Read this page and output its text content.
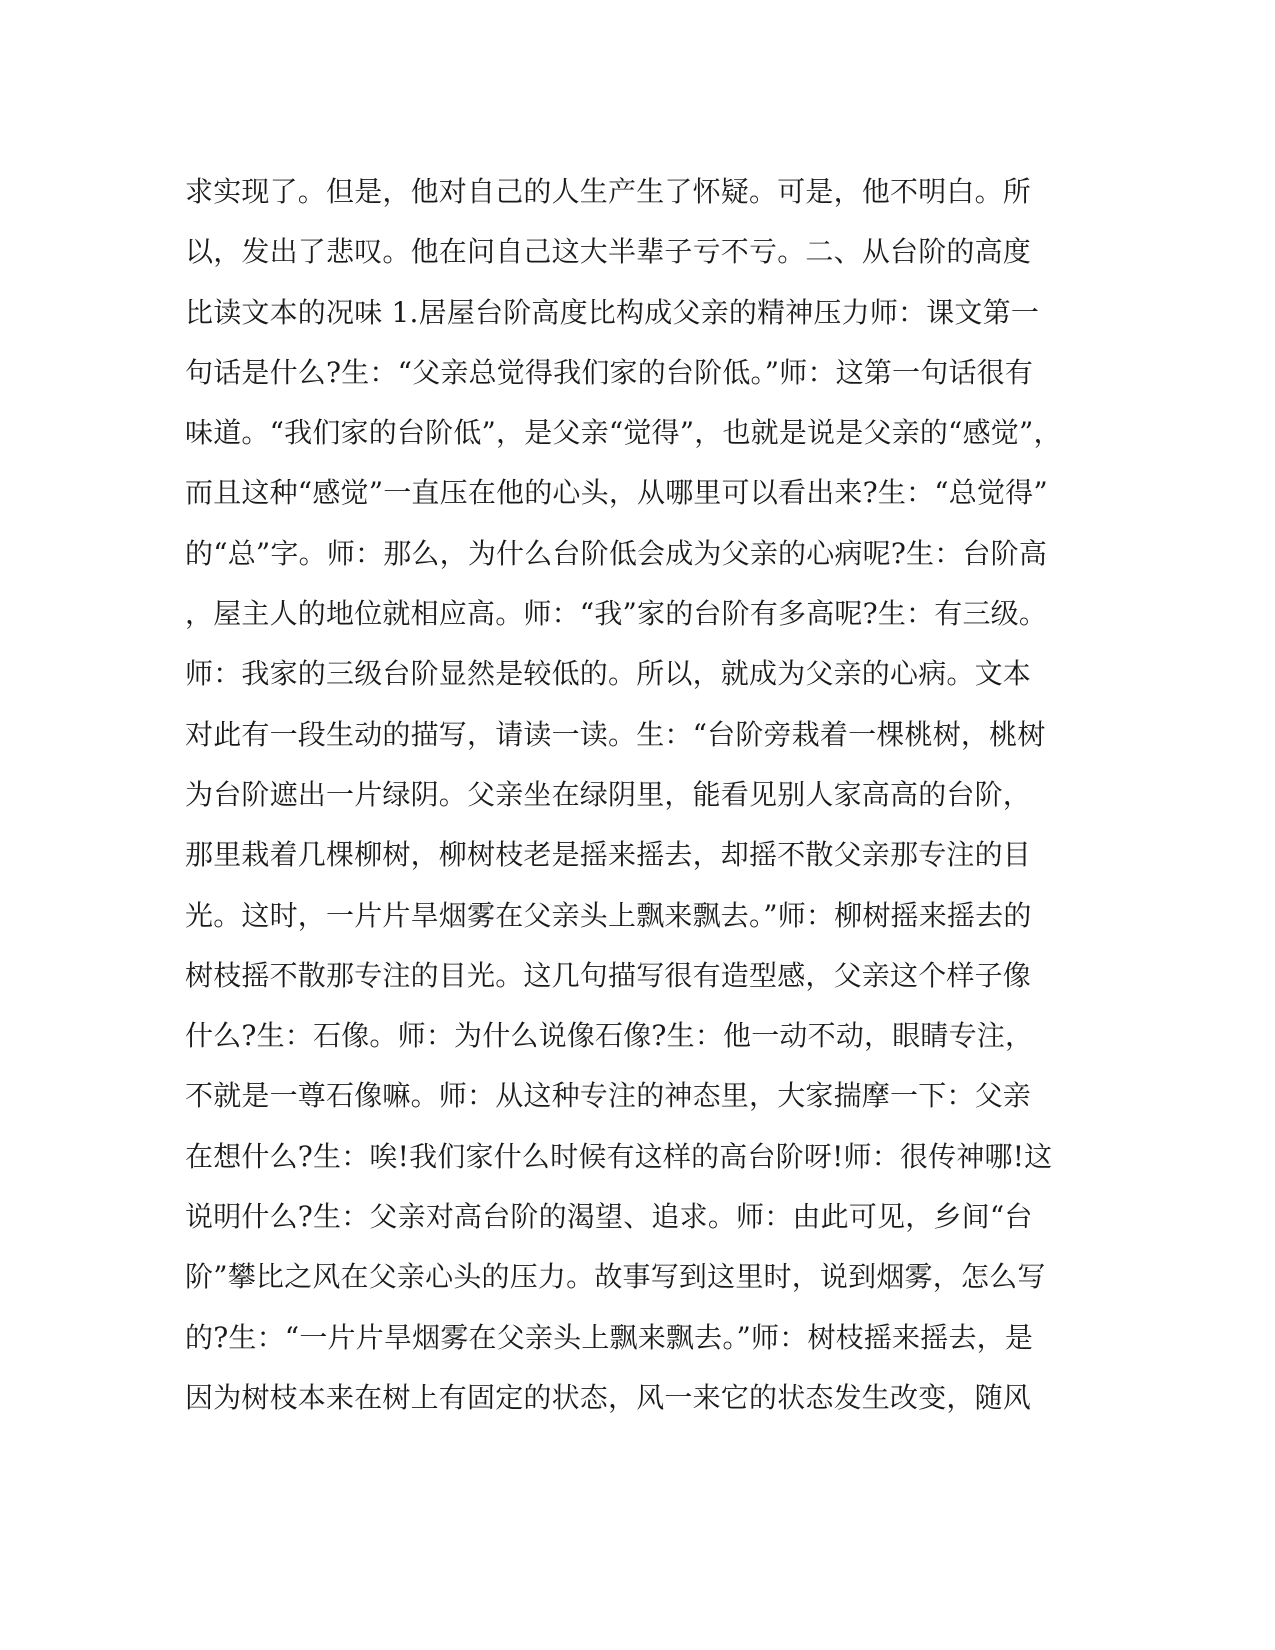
求实现了。但是，他对自己的人生产生了怀疑。可是，他不明白。所
以，发出了悲叹。他在问自己这大半辈子亏不亏。二、从台阶的高度
比读文本的况味 1.居屋台阶高度比构成父亲的精神压力师：课文第一
句话是什么?生：“父亲总觉得我们家的台阶低。”师：这第一句话很有
味道。“我们家的台阶低”，是父亲“觉得”，也就是说是父亲的“感觉”，
而且这种“感觉”一直压在他的心头，从哪里可以看出来?生：“总觉得”
的“总”字。师：那么，为什么台阶低会成为父亲的心病呢?生：台阶高
，屋主人的地位就相应高。师：“我”家的台阶有多高呢?生：有三级。
师：我家的三级台阶显然是较低的。所以，就成为父亲的心病。文本
对此有一段生动的描写，请读一读。生：“台阶旁栽着一棵桃树，桃树
为台阶遮出一片绿阴。父亲坐在绿阴里，能看见别人家高高的台阶，
那里栽着几棵柳树，柳树枝老是摇来摇去，却摇不散父亲那专注的目
光。这时，一片片旱烟雾在父亲头上飘来飘去。”师：柳树摇来摇去的
树枝摇不散那专注的目光。这几句描写很有造型感，父亲这个样子像
什么?生：石像。师：为什么说像石像?生：他一动不动，眼睛专注，
不就是一尊石像嘛。师：从这种专注的神态里，大家揣摩一下：父亲
在想什么?生：唉!我们家什么时候有这样的高台阶呀!师：很传神哪!这
说明什么?生：父亲对高台阶的渴望、追求。师：由此可见，乡间“台
阶”攀比之风在父亲心头的压力。故事写到这里时，说到烟雾，怎么写
的?生：“一片片旱烟雾在父亲头上飘来飘去。”师：树枝摇来摇去，是
因为树枝本来在树上有固定的状态，风一来它的状态发生改变，随风
